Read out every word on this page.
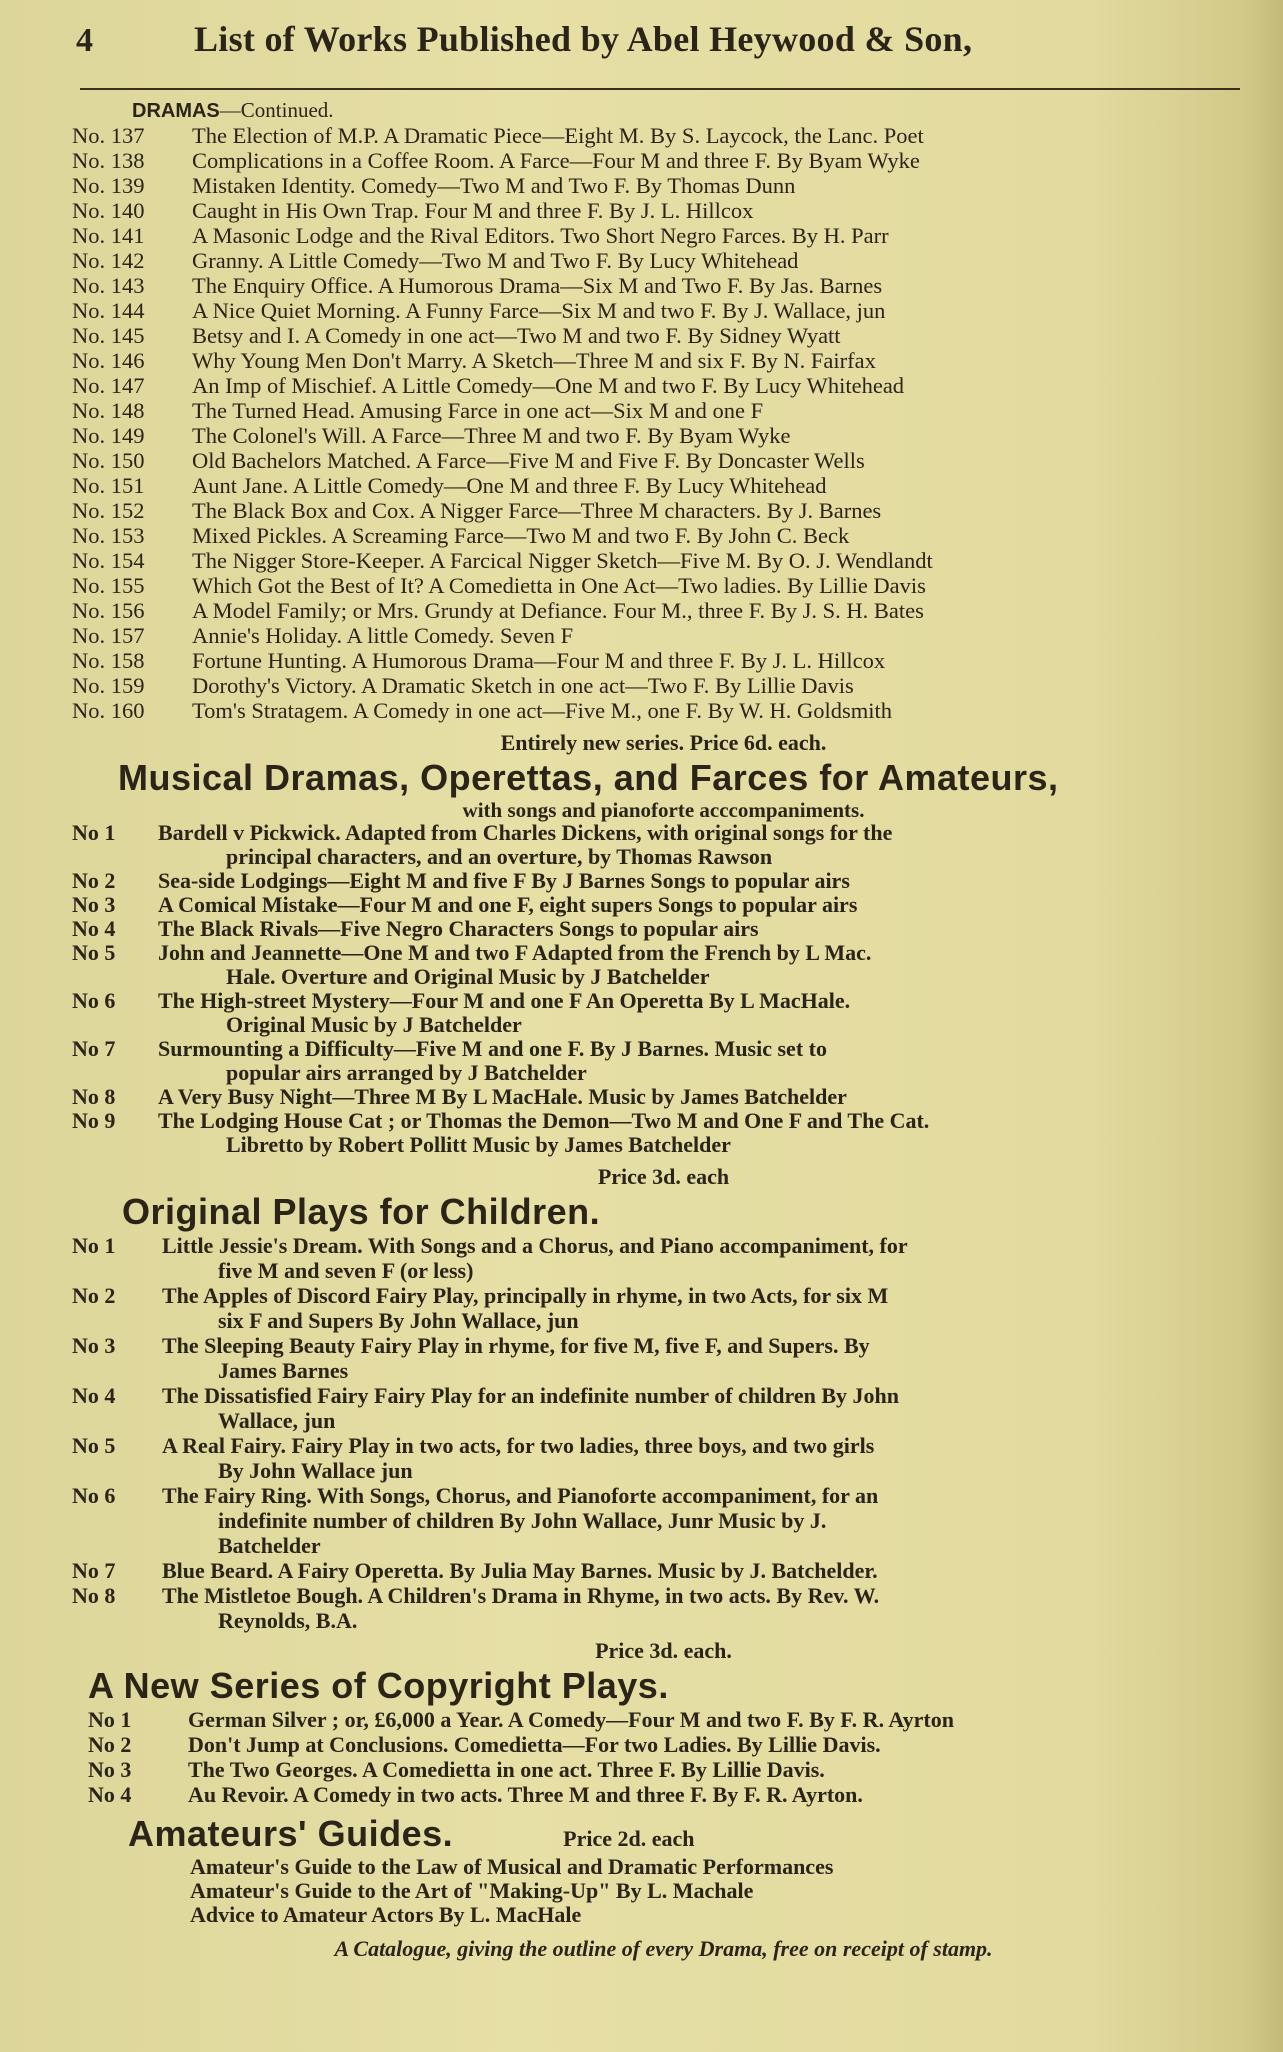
4	List of Works Published by Abel Heywood & Son,
DRAMAS—Continued.
No. 137	The Election of M.P. A Dramatic Piece—Eight M. By S. Laycock, the Lanc. Poet
No. 138	Complications in a Coffee Room. A Farce—Four M and three F. By Byam Wyke
No. 139	Mistaken Identity. Comedy—Two M and Two F. By Thomas Dunn
No. 140	Caught in His Own Trap. Four M and three F. By J. L. Hillcox
No. 141	A Masonic Lodge and the Rival Editors. Two Short Negro Farces. By H. Parr
No. 142	Granny. A Little Comedy—Two M and Two F. By Lucy Whitehead
No. 143	The Enquiry Office. A Humorous Drama—Six M and Two F. By Jas. Barnes
No. 144	A Nice Quiet Morning. A Funny Farce—Six M and two F. By J. Wallace, jun
No. 145	Betsy and I. A Comedy in one act—Two M and two F. By Sidney Wyatt
No. 146	Why Young Men Don't Marry. A Sketch—Three M and six F. By N. Fairfax
No. 147	An Imp of Mischief. A Little Comedy—One M and two F. By Lucy Whitehead
No. 148	The Turned Head. Amusing Farce in one act—Six M and one F
No. 149	The Colonel's Will. A Farce—Three M and two F. By Byam Wyke
No. 150	Old Bachelors Matched. A Farce—Five M and Five F. By Doncaster Wells
No. 151	Aunt Jane. A Little Comedy—One M and three F. By Lucy Whitehead
No. 152	The Black Box and Cox. A Nigger Farce—Three M characters. By J. Barnes
No. 153	Mixed Pickles. A Screaming Farce—Two M and two F. By John C. Beck
No. 154	The Nigger Store-Keeper. A Farcical Nigger Sketch—Five M. By O. J. Wendlandt
No. 155	Which Got the Best of It? A Comedietta in One Act—Two ladies. By Lillie Davis
No. 156	A Model Family; or Mrs. Grundy at Defiance. Four M., three F. By J. S. H. Bates
No. 157	Annie's Holiday. A little Comedy. Seven F
No. 158	Fortune Hunting. A Humorous Drama—Four M and three F. By J. L. Hillcox
No. 159	Dorothy's Victory. A Dramatic Sketch in one act—Two F. By Lillie Davis
No. 160	Tom's Stratagem. A Comedy in one act—Five M., one F. By W. H. Goldsmith
Entirely new series. Price 6d. each.
Musical Dramas, Operettas, and Farces for Amateurs,
with songs and pianoforte acccompaniments.
No 1	Bardell v Pickwick. Adapted from Charles Dickens, with original songs for the
principal characters, and an overture, by Thomas Rawson
No 2	Sea-side Lodgings—Eight M and five F By J Barnes Songs to popular airs
No 3	A Comical Mistake—Four M and one F, eight supers Songs to popular airs
No 4	The Black Rivals—Five Negro Characters Songs to popular airs
No 5	John and Jeannette—One M and two F Adapted from the French by L Mac.
Hale. Overture and Original Music by J Batchelder
No 6	The High-street Mystery—Four M and one F An Operetta By L MacHale.
Original Music by J Batchelder
No 7	Surmounting a Difficulty—Five M and one F. By J Barnes. Music set to
popular airs arranged by J Batchelder
No 8	A Very Busy Night—Three M By L MacHale. Music by James Batchelder
No 9	The Lodging House Cat ; or Thomas the Demon—Two M and One F and The Cat.
Libretto by Robert Pollitt Music by James Batchelder
Price 3d. each
Original Plays for Children.
No 1	Little Jessie's Dream. With Songs and a Chorus, and Piano accompaniment, for
five M and seven F (or less)
No 2	The Apples of Discord Fairy Play, principally in rhyme, in two Acts, for six M
six F and Supers By John Wallace, jun
No 3	The Sleeping Beauty Fairy Play in rhyme, for five M, five F, and Supers. By
James Barnes
No 4	The Dissatisfied Fairy Fairy Play for an indefinite number of children By John
Wallace, jun
No 5	A Real Fairy. Fairy Play in two acts, for two ladies, three boys, and two girls
By John Wallace jun
No 6	The Fairy Ring. With Songs, Chorus, and Pianoforte accompaniment, for an
indefinite number of children By John Wallace, Junr Music by J.
Batchelder
No 7	Blue Beard. A Fairy Operetta. By Julia May Barnes. Music by J. Batchelder.
No 8	The Mistletoe Bough. A Children's Drama in Rhyme, in two acts. By Rev. W.
Reynolds, B.A.
Price 3d. each.
A New Series of Copyright Plays.
No 1	German Silver ; or, £6,000 a Year. A Comedy—Four M and two F. By F. R. Ayrton
No 2	Don't Jump at Conclusions. Comedietta—For two Ladies. By Lillie Davis.
No 3	The Two Georges. A Comedietta in one act. Three F. By Lillie Davis.
No 4	Au Revoir. A Comedy in two acts. Three M and three F. By F. R. Ayrton.
Amateurs' Guides.	Price 2d. each
Amateur's Guide to the Law of Musical and Dramatic Performances
Amateur's Guide to the Art of "Making-Up" By L. Machale
Advice to Amateur Actors By L. MacHale
A Catalogue, giving the outline of every Drama, free on receipt of stamp.
